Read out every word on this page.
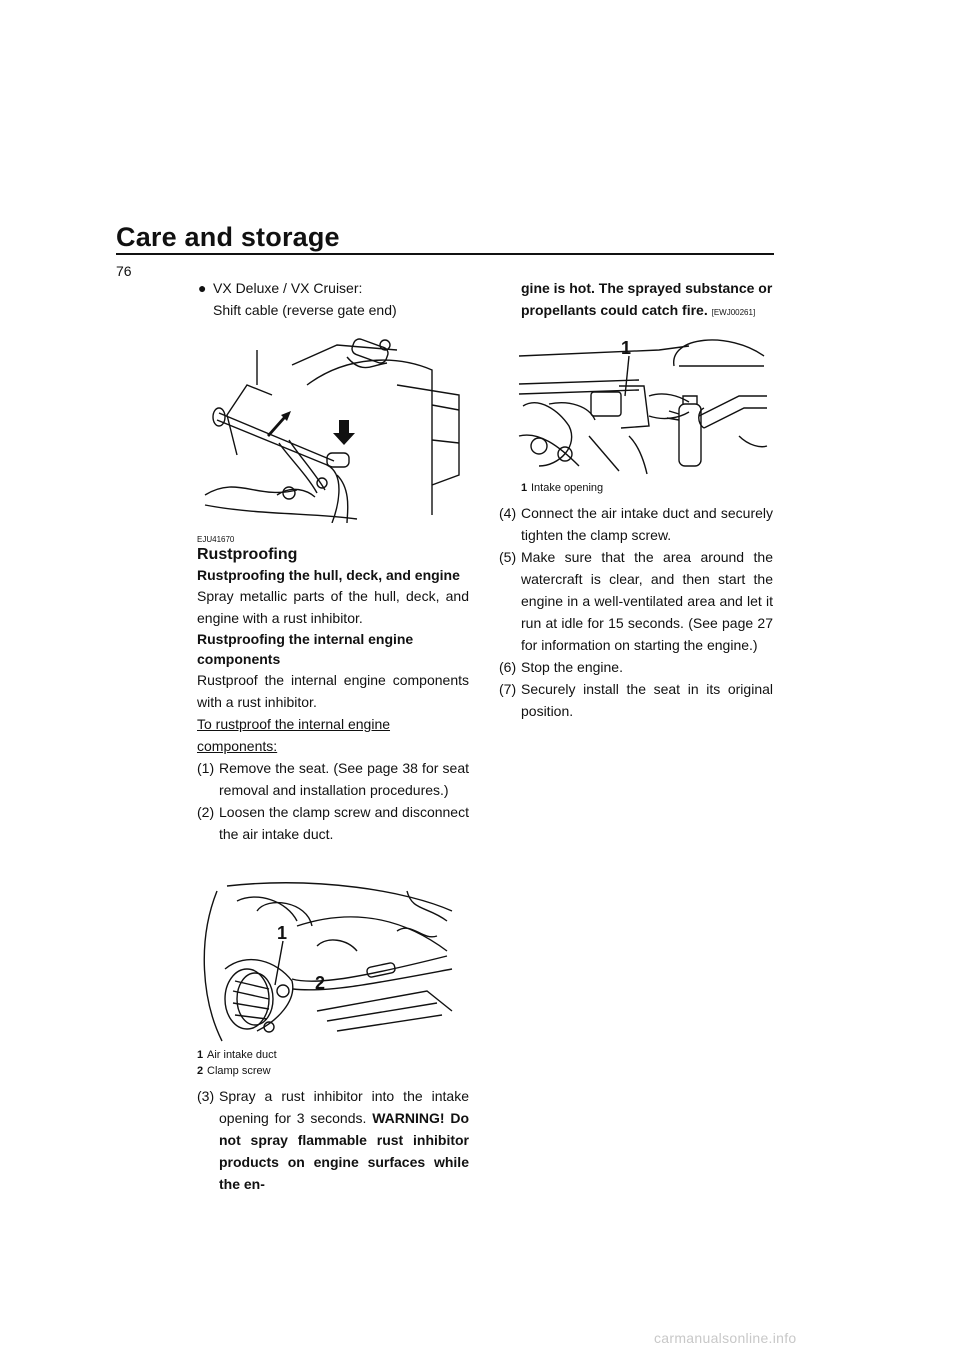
Care and storage
76
● VX Deluxe / VX Cruiser:

Shift cable (reverse gate end)

EJU41670

Rustproofing

Rustproofing the hull, deck, and engine

Spray metallic parts of the hull, deck, and engine with a rust inhibitor.

Rustproofing the internal engine components

Rustproof the internal engine components with a rust inhibitor.

To rustproof the internal engine components:

(1) Remove the seat. (See page 38 for seat removal and installation procedures.)
(2) Loosen the clamp screw and disconnect the air intake duct.
1
2
1 Air intake duct
2 Clamp screw
(3) Spray a rust inhibitor into the intake opening for 3 seconds. WARNING! Do not spray flammable rust inhibitor products on engine surfaces while the en-

gine is hot. The sprayed substance or propellants could catch fire. [EWJ00261]

1
1 Intake opening
(4) Connect the air intake duct and securely tighten the clamp screw.
(5) Make sure that the area around the watercraft is clear, and then start the engine in a well-ventilated area and let it run at idle for 15 seconds. (See page 27 for information on starting the engine.)
(6) Stop the engine.
(7) Securely install the seat in its original position.
carmanualsonline.info
